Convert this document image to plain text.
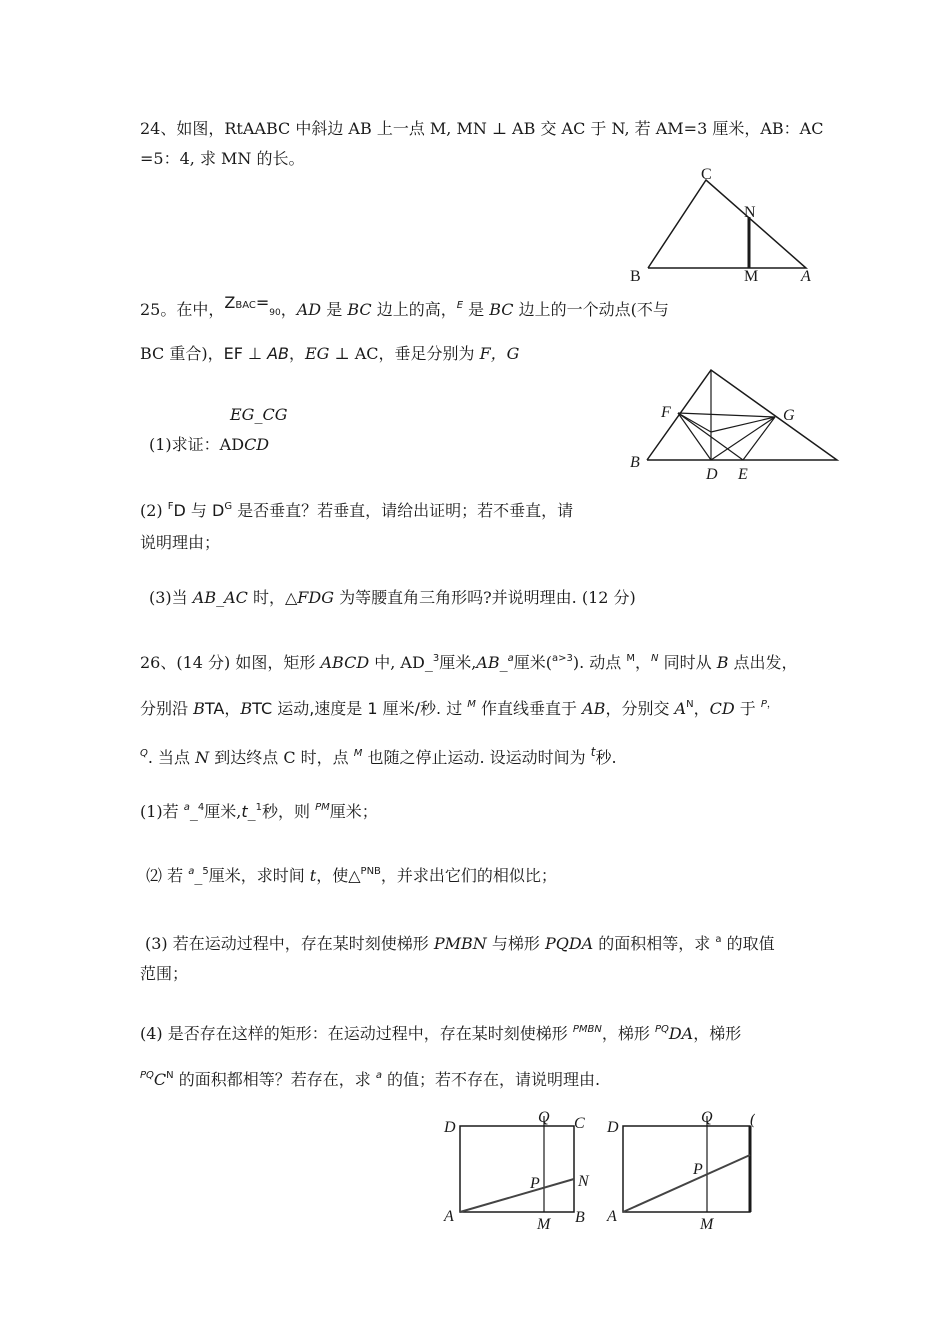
24、如图，RtAABC 中斜边 AB 上一点 M, MN ⊥ AB 交 AC 于 N, 若 AM=3 厘米，AB：AC
=5：4, 求 MN 的长。
C
N
B	M	A
25。在中，$Z^{BAC}=90$，AD 是 BC 边上的高，$^E$ 是 BC 边上的一个动点(不与
BC 重合)，EF ⊥ AB，EG ⊥ AC，垂足分别为 F，G
EG_CG
(1)求证：ADCD
(2) $^F$D 与 $D^G$ 是否垂直？若垂直，请给出证明；若不垂直，请
说明理由；
(3)当 AB_AC 时，△FDG 为等腰直角三角形吗?并说明理由. (12 分)
F	G
B
D E
26、(14 分) 如图，矩形 ABCD 中, AD_$^3$厘米,AB_$^a$厘米($^{a>3}$). 动点 $^M$，$^N$ 同时从 B 点出发，
分别沿 BTA，BTC 运动,速度是 1 厘米/秒. 过 $^M$ 作直线垂直于 AB，分别交 $A^N$，CD 于 $^{P,}$
$^Q$. 当点 N 到达终点 C 时，点 $^M$ 也随之停止运动. 设运动时间为 $^t$秒.
(1)若 $^a$_$^4$厘米,t_$^1$秒，则 $^{PM}$厘米；
⑵ 若 $^a$_$^5$厘米，求时间 t，使△$^{PNB}$，并求出它们的相似比；
(3) 若在运动过程中，存在某时刻使梯形 PMBN 与梯形 PQDA 的面积相等，求 $^a$ 的取值
范围；
(4) 是否存在这样的矩形：在运动过程中，存在某时刻使梯形 $^{PMBN}$，梯形 $^{PQ}$DA，梯形
$^{PQ}C^N$ 的面积都相等？若存在，求 $^a$ 的值；若不存在，请说明理由.
D
Q C
P N
A	M B
D
Q (
P
A	M
